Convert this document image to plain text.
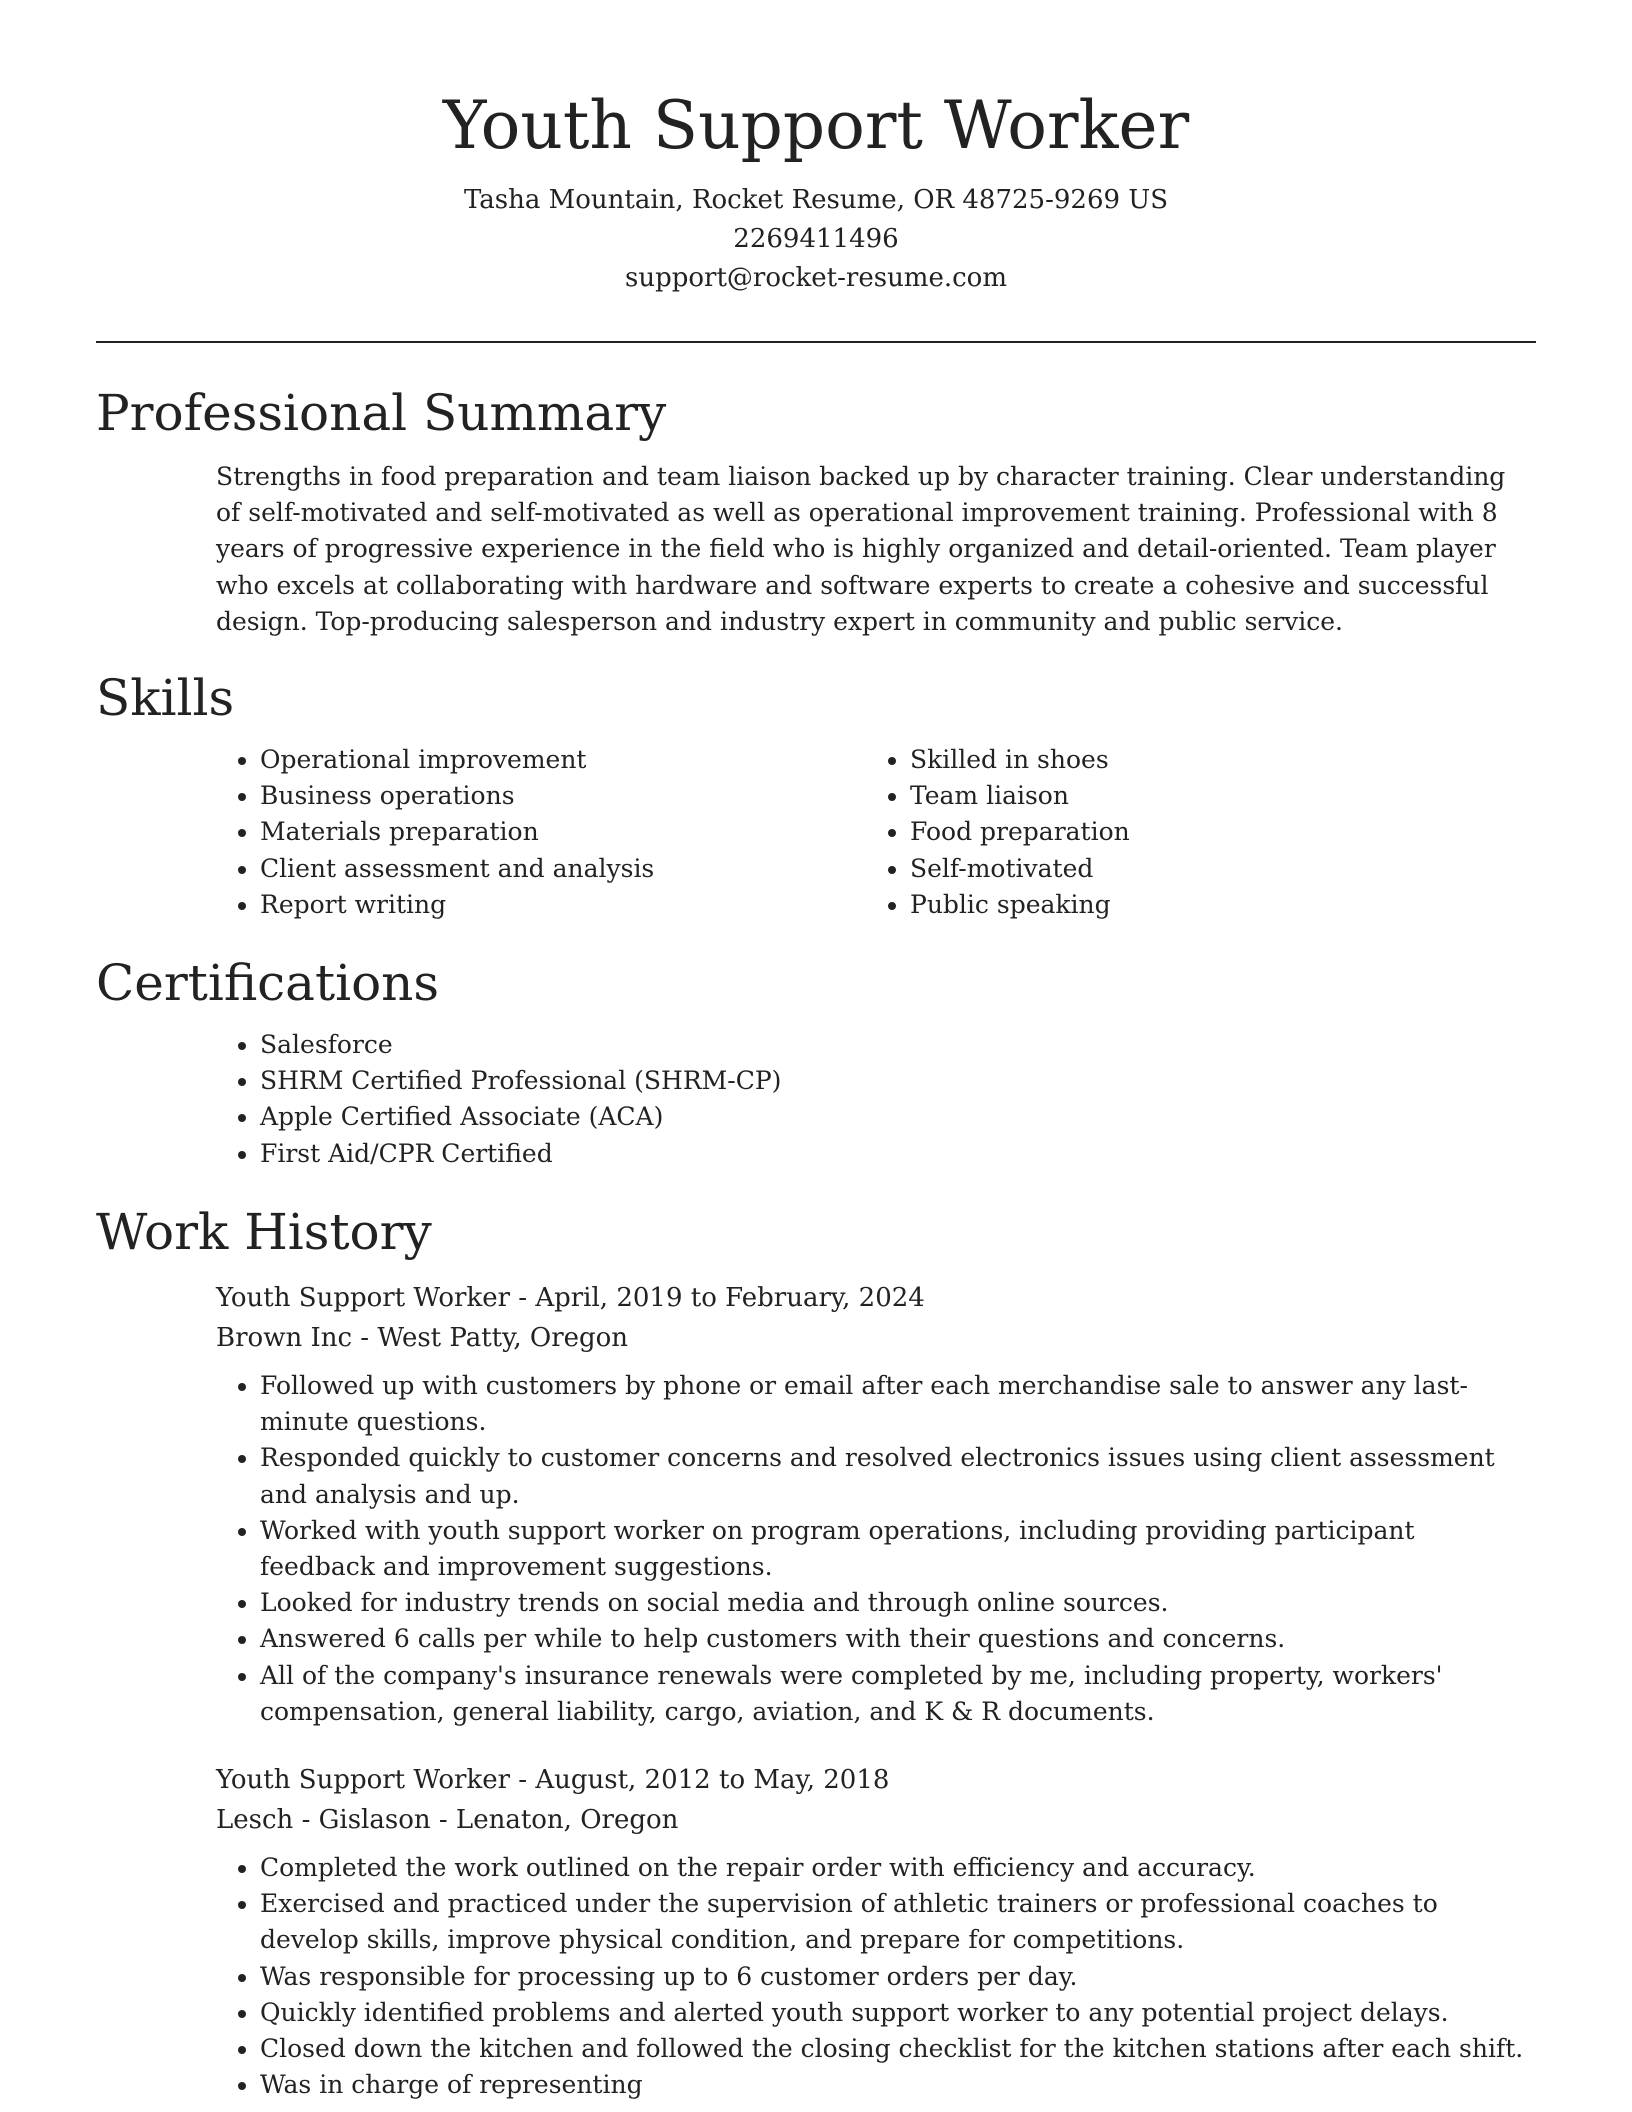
Youth Support Worker

Tasha Mountain, Rocket Resume, OR 48725-9269 US

2269411496

support@rocket-resume.com

Professional Summary

Strengths in food preparation and team liaison backed up by character training. Clear understanding of self-motivated and self-motivated as well as operational improvement training. Professional with 8 years of progressive experience in the field who is highly organized and detail-oriented. Team player who excels at collaborating with hardware and software experts to create a cohesive and successful design. Top-producing salesperson and industry expert in community and public service.

Skills
• Operational improvement
• Business operations
• Materials preparation
• Client assessment and analysis
• Report writing
• Skilled in shoes
• Team liaison
• Food preparation
• Self-motivated
• Public speaking
Certifications
• Salesforce
• SHRM Certified Professional (SHRM-CP)
• Apple Certified Associate (ACA)
• First Aid/CPR Certified
Work History

Youth Support Worker - April, 2019 to February, 2024

Brown Inc - West Patty, Oregon

• Followed up with customers by phone or email after each merchandise sale to answer any last-minute questions.
• Responded quickly to customer concerns and resolved electronics issues using client assessment and analysis and up.
• Worked with youth support worker on program operations, including providing participant feedback and improvement suggestions.
• Looked for industry trends on social media and through online sources.
• Answered 6 calls per while to help customers with their questions and concerns.
• All of the company's insurance renewals were completed by me, including property, workers' compensation, general liability, cargo, aviation, and K & R documents.

Youth Support Worker - August, 2012 to May, 2018

Lesch - Gislason - Lenaton, Oregon

• Completed the work outlined on the repair order with efficiency and accuracy.
• Exercised and practiced under the supervision of athletic trainers or professional coaches to develop skills, improve physical condition, and prepare for competitions.
• Was responsible for processing up to 6 customer orders per day.
• Quickly identified problems and alerted youth support worker to any potential project delays.
• Closed down the kitchen and followed the closing checklist for the kitchen stations after each shift.
• Was in charge of representing
